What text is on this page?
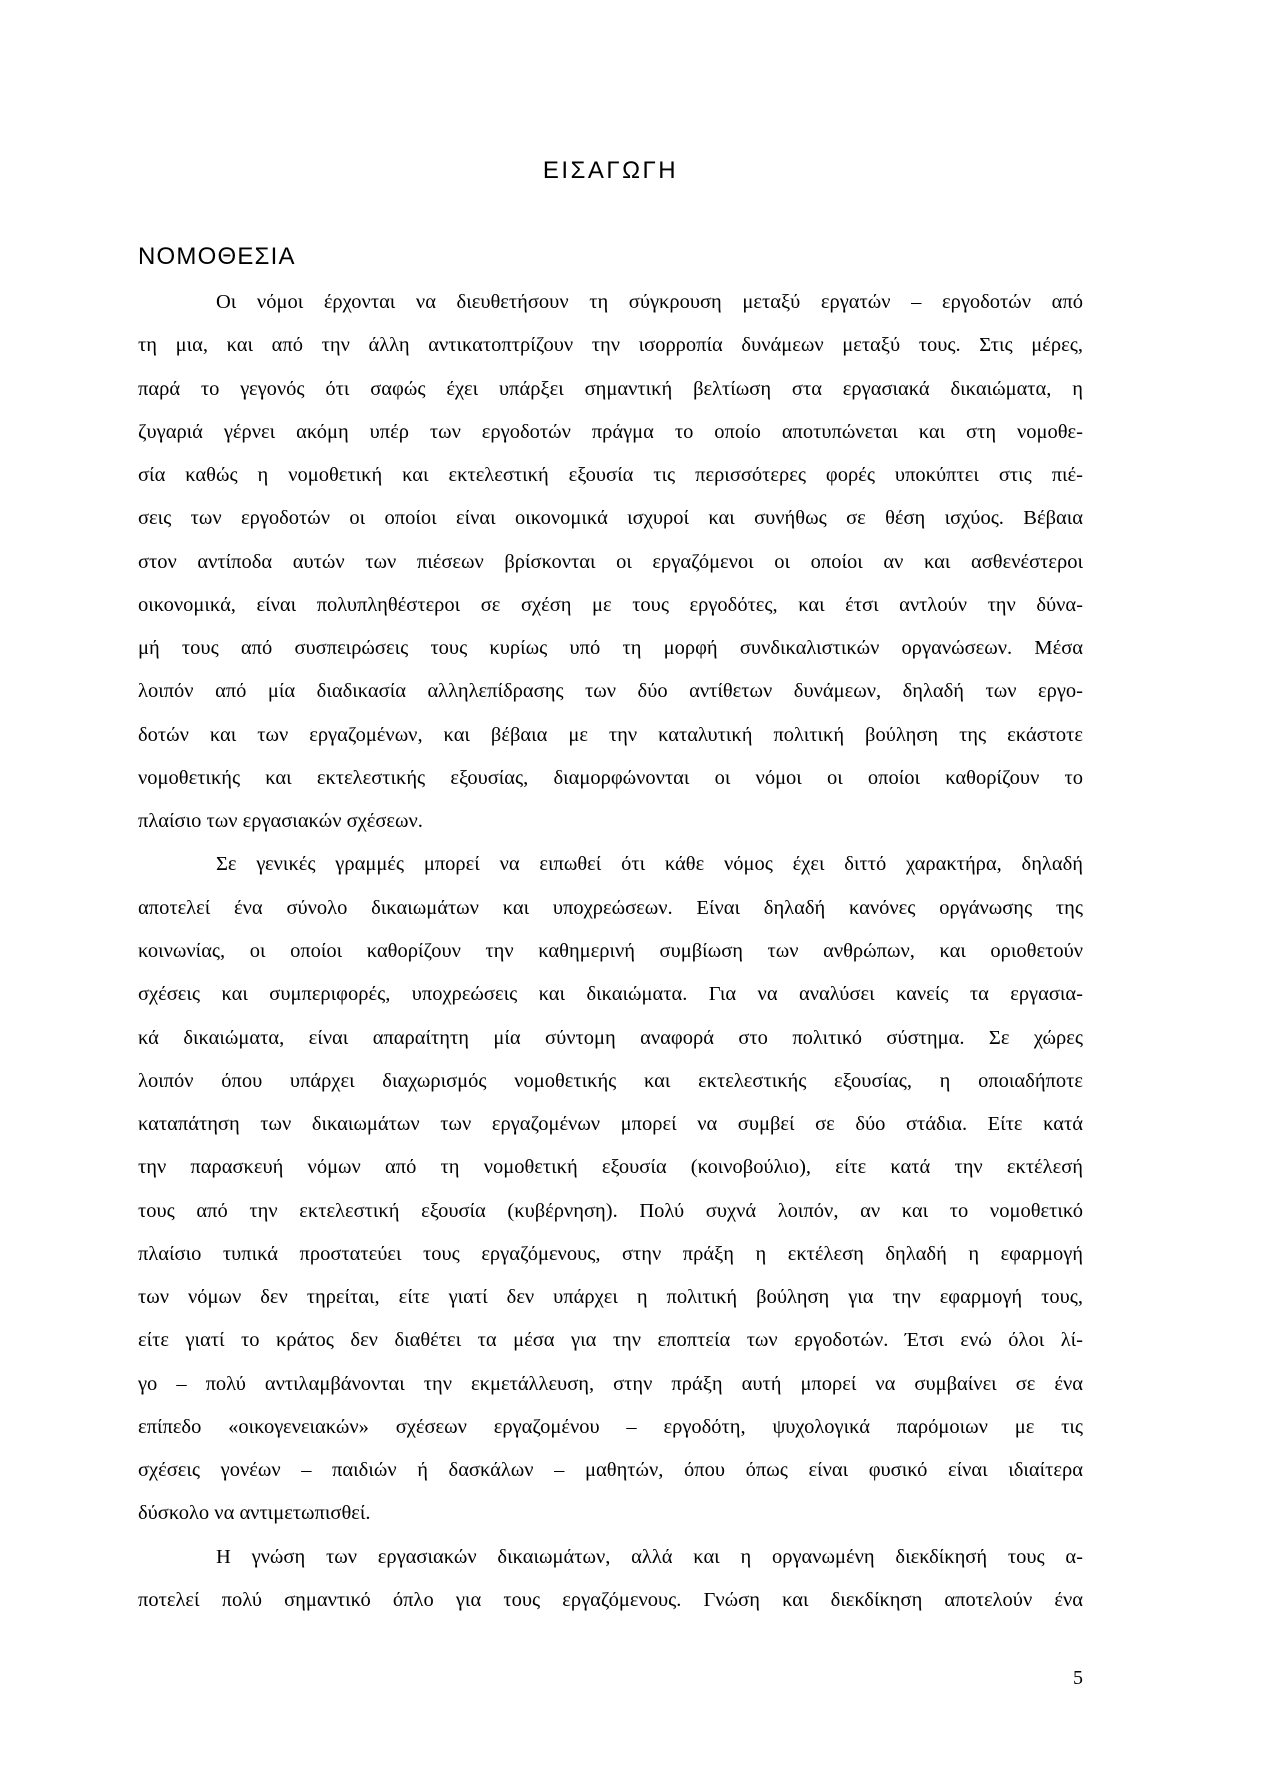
ΕΙΣΑΓΩΓΗ
ΝΟΜΟΘΕΣΙΑ
Οι νόμοι έρχονται να διευθετήσουν τη σύγκρουση μεταξύ εργατών – εργοδοτών από
τη μια, και από την άλλη αντικατοπτρίζουν την ισορροπία δυνάμεων μεταξύ τους. Στις μέρες,
παρά το γεγονός ότι σαφώς έχει υπάρξει σημαντική βελτίωση στα εργασιακά δικαιώματα, η
ζυγαριά γέρνει ακόμη υπέρ των εργοδοτών πράγμα το οποίο αποτυπώνεται και στη νομοθε-
σία καθώς η νομοθετική και εκτελεστική εξουσία τις περισσότερες φορές υποκύπτει στις πιέ-
σεις των εργοδοτών οι οποίοι είναι οικονομικά ισχυροί και συνήθως σε θέση ισχύος. Βέβαια
στον αντίποδα αυτών των πιέσεων βρίσκονται οι εργαζόμενοι οι οποίοι αν και ασθενέστεροι
οικονομικά, είναι πολυπληθέστεροι σε σχέση με τους εργοδότες, και έτσι αντλούν την δύνα-
μή τους από συσπειρώσεις τους κυρίως υπό τη μορφή συνδικαλιστικών οργανώσεων. Μέσα
λοιπόν από μία διαδικασία αλληλεπίδρασης των δύο αντίθετων δυνάμεων, δηλαδή των εργο-
δοτών και των εργαζομένων, και βέβαια με την καταλυτική πολιτική βούληση της εκάστοτε
νομοθετικής και εκτελεστικής εξουσίας, διαμορφώνονται οι νόμοι οι οποίοι καθορίζουν το
πλαίσιο των εργασιακών σχέσεων.
Σε γενικές γραμμές μπορεί να ειπωθεί ότι κάθε νόμος έχει διττό χαρακτήρα, δηλαδή
αποτελεί ένα σύνολο δικαιωμάτων και υποχρεώσεων. Είναι δηλαδή κανόνες οργάνωσης της
κοινωνίας, οι οποίοι καθορίζουν την καθημερινή συμβίωση των ανθρώπων, και οριοθετούν
σχέσεις και συμπεριφορές, υποχρεώσεις και δικαιώματα. Για να αναλύσει κανείς τα εργασια-
κά δικαιώματα, είναι απαραίτητη μία σύντομη αναφορά στο πολιτικό σύστημα. Σε χώρες
λοιπόν όπου υπάρχει διαχωρισμός νομοθετικής και εκτελεστικής εξουσίας, η οποιαδήποτε
καταπάτηση των δικαιωμάτων των εργαζομένων μπορεί να συμβεί σε δύο στάδια. Είτε κατά
την παρασκευή νόμων από τη νομοθετική εξουσία (κοινοβούλιο), είτε κατά την εκτέλεσή
τους από την εκτελεστική εξουσία (κυβέρνηση). Πολύ συχνά λοιπόν, αν και το νομοθετικό
πλαίσιο τυπικά προστατεύει τους εργαζόμενους, στην πράξη η εκτέλεση δηλαδή η εφαρμογή
των νόμων δεν τηρείται, είτε γιατί δεν υπάρχει η πολιτική βούληση για την εφαρμογή τους,
είτε γιατί το κράτος δεν διαθέτει τα μέσα για την εποπτεία των εργοδοτών. Έτσι ενώ όλοι λί-
γο – πολύ αντιλαμβάνονται την εκμετάλλευση, στην πράξη αυτή μπορεί να συμβαίνει σε ένα
επίπεδο «οικογενειακών» σχέσεων εργαζομένου – εργοδότη, ψυχολογικά παρόμοιων με τις
σχέσεις γονέων – παιδιών ή δασκάλων – μαθητών, όπου όπως είναι φυσικό είναι ιδιαίτερα
δύσκολο να αντιμετωπισθεί.
Η γνώση των εργασιακών δικαιωμάτων, αλλά και η οργανωμένη διεκδίκησή τους α-
ποτελεί πολύ σημαντικό όπλο για τους εργαζόμενους. Γνώση και διεκδίκηση αποτελούν ένα
5
